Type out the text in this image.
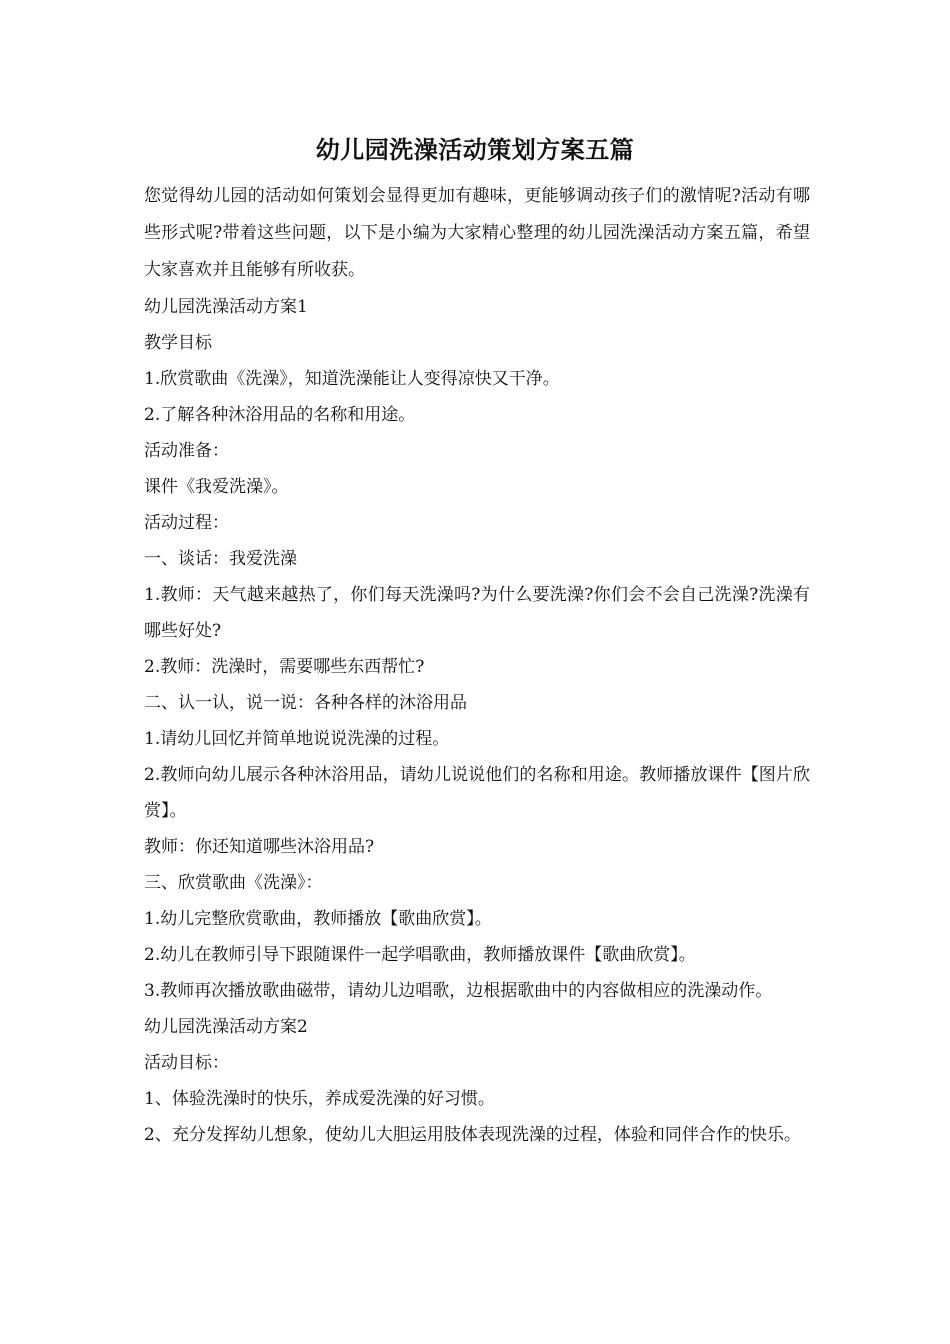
幼儿园洗澡活动策划方案五篇

您觉得幼儿园的活动如何策划会显得更加有趣味，更能够调动孩子们的激情呢?活动有哪些形式呢?带着这些问题，以下是小编为大家精心整理的幼儿园洗澡活动方案五篇，希望大家喜欢并且能够有所收获。

幼儿园洗澡活动方案1

教学目标

1.欣赏歌曲《洗澡》，知道洗澡能让人变得凉快又干净。

2.了解各种沐浴用品的名称和用途。

活动准备：

课件《我爱洗澡》。

活动过程：

一、谈话：我爱洗澡

1.教师：天气越来越热了，你们每天洗澡吗?为什么要洗澡?你们会不会自己洗澡?洗澡有哪些好处?

2.教师：洗澡时，需要哪些东西帮忙?

二、认一认，说一说：各种各样的沐浴用品

1.请幼儿回忆并简单地说说洗澡的过程。

2.教师向幼儿展示各种沐浴用品，请幼儿说说他们的名称和用途。教师播放课件【图片欣赏】。

教师：你还知道哪些沐浴用品?

三、欣赏歌曲《洗澡》：

1.幼儿完整欣赏歌曲，教师播放【歌曲欣赏】。

2.幼儿在教师引导下跟随课件一起学唱歌曲，教师播放课件【歌曲欣赏】。

3.教师再次播放歌曲磁带，请幼儿边唱歌，边根据歌曲中的内容做相应的洗澡动作。

幼儿园洗澡活动方案2

活动目标：

1、体验洗澡时的快乐，养成爱洗澡的好习惯。

2、充分发挥幼儿想象，使幼儿大胆运用肢体表现洗澡的过程，体验和同伴合作的快乐。
